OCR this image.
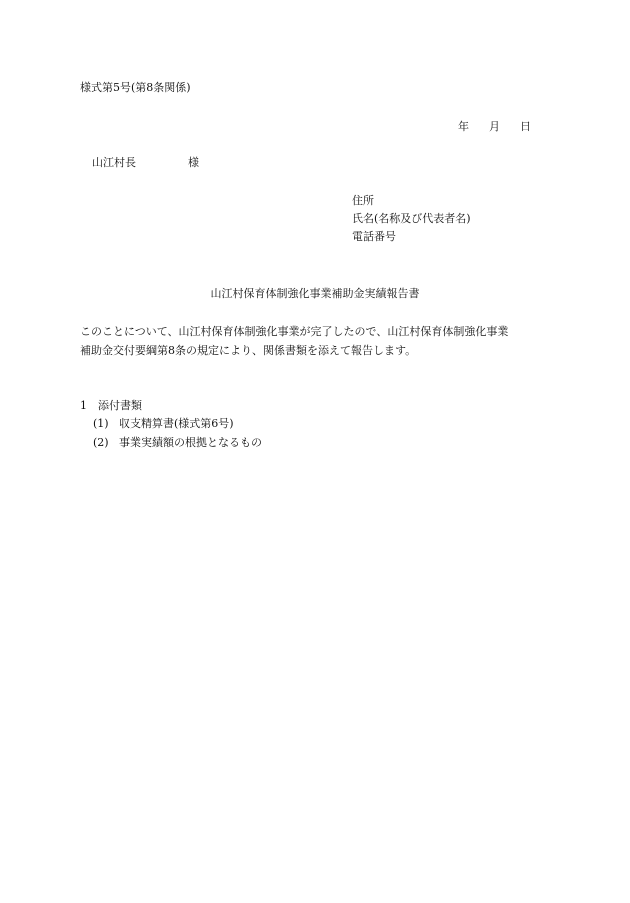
様式第5号(第8条関係)
年 月 日
山江村長	様
住所
氏名(名称及び代表者名)
電話番号
山江村保育体制強化事業補助金実績報告書
このことについて、山江村保育体制強化事業が完了したので、山江村保育体制強化事業
補助金交付要綱第8条の規定により、関係書類を添えて報告します。
1 添付書類
(1) 収支精算書(様式第6号)
(2) 事業実績額の根拠となるもの
